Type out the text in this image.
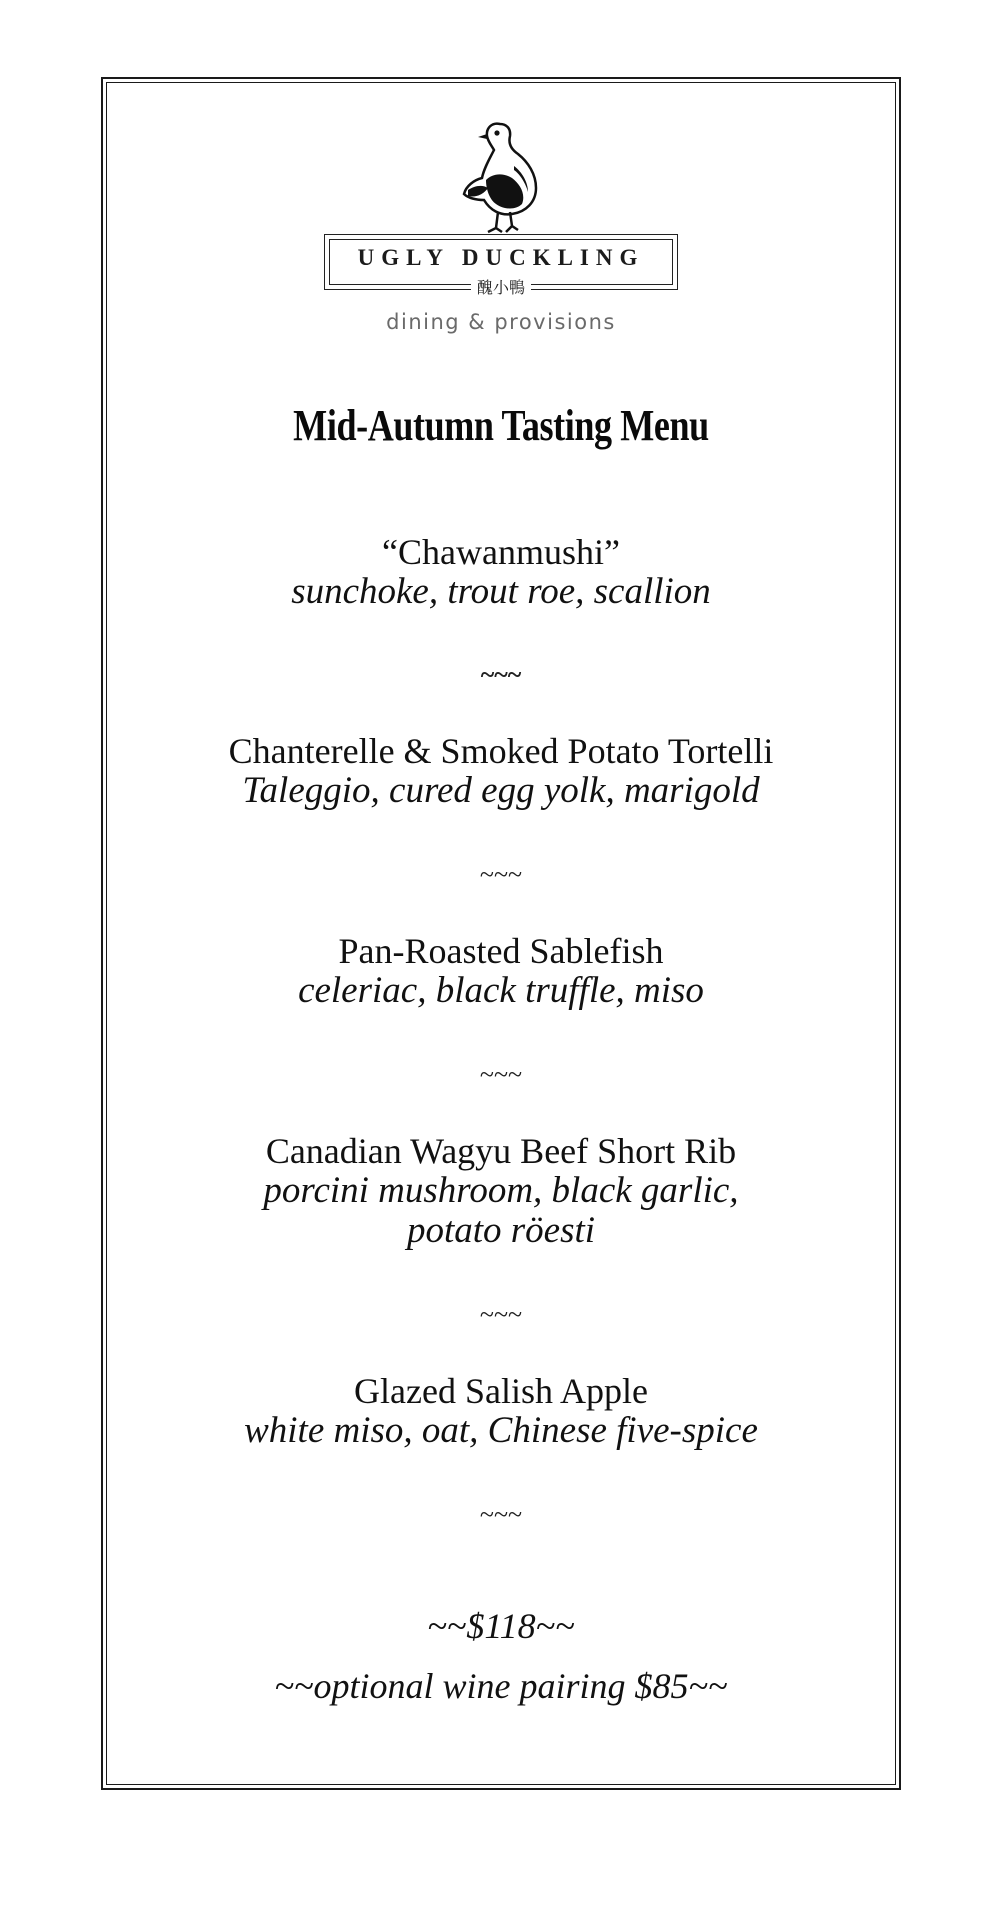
UGLY DUCKLING
醜小鴨
dining & provisions
Mid-Autumn Tasting Menu
“Chawanmushi”
sunchoke, trout roe, scallion
~~~
Chanterelle & Smoked Potato Tortelli
Taleggio, cured egg yolk, marigold
~~~
Pan-Roasted Sablefish
celeriac, black truffle, miso
~~~
Canadian Wagyu Beef Short Rib
porcini mushroom, black garlic,
potato röesti
~~~
Glazed Salish Apple
white miso, oat, Chinese five-spice
~~~
~~$118~~
~~optional wine pairing $85~~
